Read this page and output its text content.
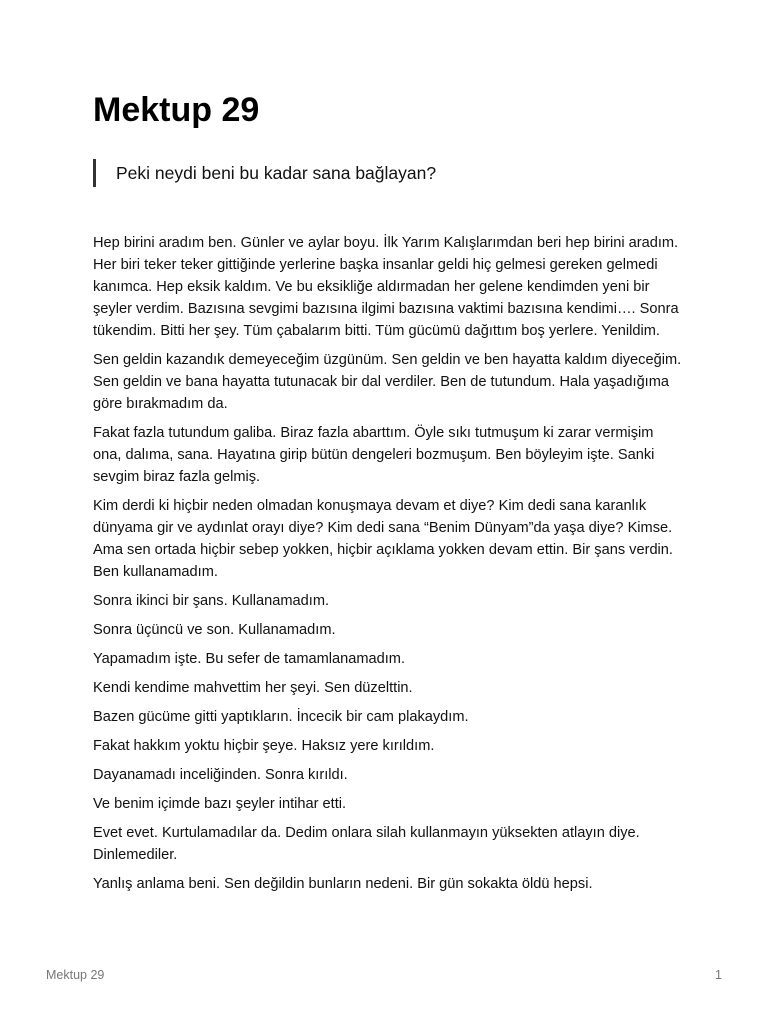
Mektup 29
Peki neydi beni bu kadar sana bağlayan?

Hep birini aradım ben. Günler ve aylar boyu. İlk Yarım Kalışlarımdan beri hep birini aradım. Her biri teker teker gittiğinde yerlerine başka insanlar geldi hiç gelmesi gereken gelmedi kanımca. Hep eksik kaldım. Ve bu eksikliğe aldırmadan her gelene kendimden yeni bir şeyler verdim. Bazısına sevgimi bazısına ilgimi bazısına vaktimi bazısına kendimi…. Sonra tükendim. Bitti her şey. Tüm çabalarım bitti. Tüm gücümü dağıttım boş yerlere. Yenildim.

Sen geldin kazandık demeyeceğim üzgünüm. Sen geldin ve ben hayatta kaldım diyeceğim. Sen geldin ve bana hayatta tutunacak bir dal verdiler. Ben de tutundum. Hala yaşadığıma göre bırakmadım da.

Fakat fazla tutundum galiba. Biraz fazla abarttım. Öyle sıkı tutmuşum ki zarar vermişim ona, dalıma, sana. Hayatına girip bütün dengeleri bozmuşum. Ben böyleyim işte. Sanki sevgim biraz fazla gelmiş.

Kim derdi ki hiçbir neden olmadan konuşmaya devam et diye? Kim dedi sana karanlık dünyama gir ve aydınlat orayı diye? Kim dedi sana “Benim Dünyam”da yaşa diye? Kimse. Ama sen ortada hiçbir sebep yokken, hiçbir açıklama yokken devam ettin. Bir şans verdin. Ben kullanamadım.

Sonra ikinci bir şans. Kullanamadım.

Sonra üçüncü ve son. Kullanamadım.

Yapamadım işte. Bu sefer de tamamlanamadım.

Kendi kendime mahvettim her şeyi. Sen düzelttin.

Bazen gücüme gitti yaptıkların. İncecik bir cam plakaydım.

Fakat hakkım yoktu hiçbir şeye. Haksız yere kırıldım.

Dayanamadı inceliğinden. Sonra kırıldı.

Ve benim içimde bazı şeyler intihar etti.

Evet evet. Kurtulamadılar da. Dedim onlara silah kullanmayın yüksekten atlayın diye. Dinlemediler.

Yanlış anlama beni. Sen değildin bunların nedeni. Bir gün sokakta öldü hepsi.

Mektup 29	1
